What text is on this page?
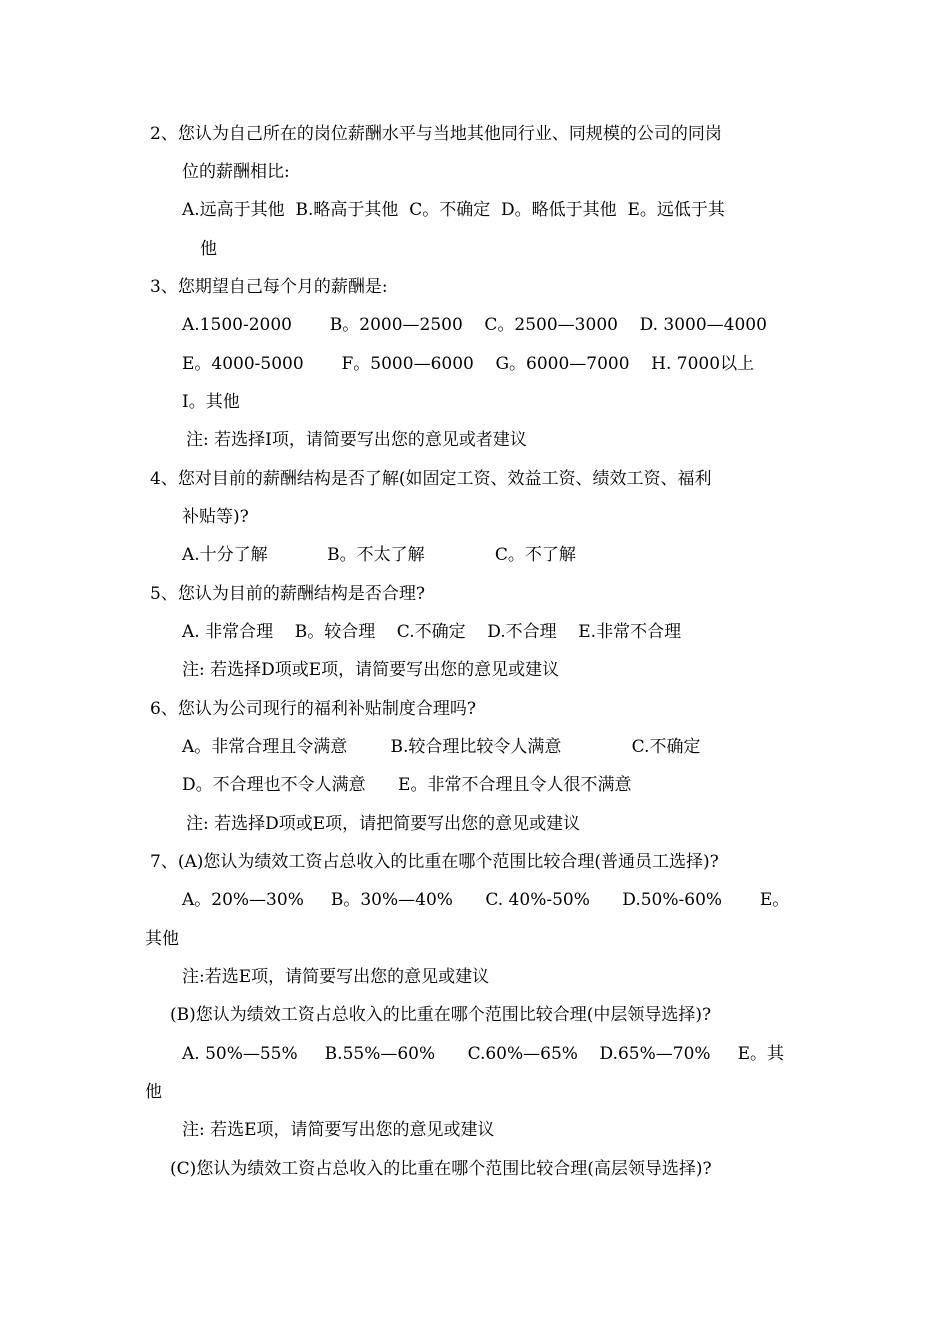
2、您认为自己所在的岗位薪酬水平与当地其他同行业、同规模的公司的同岗
位的薪酬相比:
A.远高于其他  B.略高于其他  C。不确定  D。略低于其他  E。远低于其
他
3、您期望自己每个月的薪酬是:
A.1500-2000       B。2000—2500    C。2500—3000    D. 3000—4000
E。4000-5000       F。5000—6000    G。6000—7000    H. 7000以上
I。其他
注: 若选择I项，请简要写出您的意见或者建议
4、您对目前的薪酬结构是否了解(如固定工资、效益工资、绩效工资、福利
补贴等)?
A.十分了解           B。不太了解             C。不了解
5、您认为目前的薪酬结构是否合理?
A. 非常合理    B。较合理    C.不确定    D.不合理    E.非常不合理
注: 若选择D项或E项，请简要写出您的意见或建议
6、您认为公司现行的福利补贴制度合理吗?
A。非常合理且令满意        B.较合理比较令人满意             C.不确定
D。不合理也不令人满意      E。非常不合理且令人很不满意
注: 若选择D项或E项，请把简要写出您的意见或建议
7、(A)您认为绩效工资占总收入的比重在哪个范围比较合理(普通员工选择)?
A。20%—30%     B。30%—40%      C. 40%-50%      D.50%-60%       E。
其他
注:若选E项，请简要写出您的意见或建议
(B)您认为绩效工资占总收入的比重在哪个范围比较合理(中层领导选择)?
A. 50%—55%     B.55%—60%      C.60%—65%    D.65%—70%     E。其
他
注: 若选E项，请简要写出您的意见或建议
(C)您认为绩效工资占总收入的比重在哪个范围比较合理(高层领导选择)?
